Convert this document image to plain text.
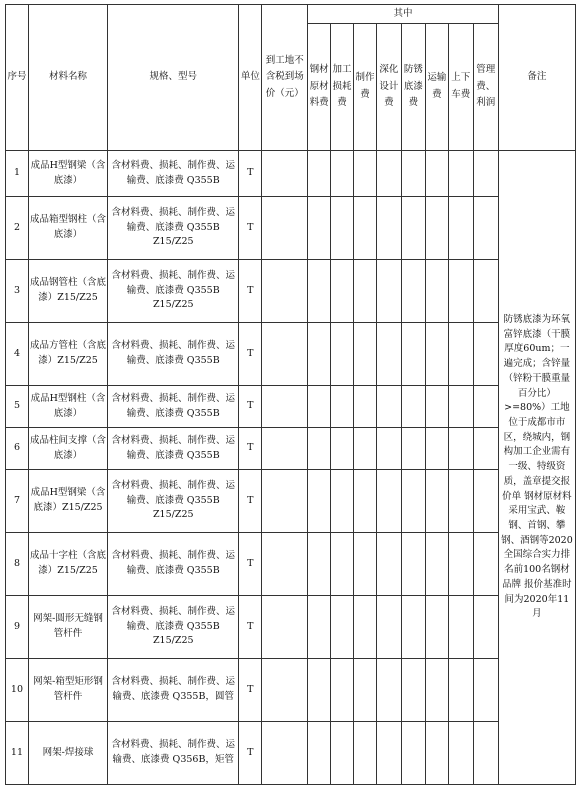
序号	材料名称	规格、型号	单位	到工地不含税到场价（元）	其中								备注

					钢材原材料费	加工损耗费	制作费	深化设计费	防锈底漆费	运输费	上下车费	管理费、利润	

1	成品H型钢梁（含底漆）	含材料费、损耗、制作费、运输费、底漆费 Q355B	T										防锈底漆为环氧富锌底漆（干膜厚度60um；一遍完成；含锌量（锌粉干膜重量百分比）>=80%）工地位于成都市市区，绕城内，钢构加工企业需有一级、特级资质，盖章提交报价单 钢材原材料采用宝武、鞍钢、首钢、攀钢、酒钢等2020全国综合实力排名前100名钢材品牌 报价基准时间为2020年11月
2	成品箱型钢柱（含底漆）	含材料费、损耗、制作费、运输费、底漆费 Q355B Z15/Z25	T										
3	成品钢管柱（含底漆）Z15/Z25	含材料费、损耗、制作费、运输费、底漆费 Q355B Z15/Z25	T										
4	成品方管柱（含底漆）Z15/Z25	含材料费、损耗、制作费、运输费、底漆费 Q355B	T										
5	成品H型钢柱（含底漆）	含材料费、损耗、制作费、运输费、底漆费 Q355B	T										
6	成品柱间支撑（含底漆）	含材料费、损耗、制作费、运输费、底漆费 Q355B	T										
7	成品H型钢梁（含底漆）Z15/Z25	含材料费、损耗、制作费、运输费、底漆费 Q355B Z15/Z25	T										
8	成品十字柱（含底漆）Z15/Z25	含材料费、损耗、制作费、运输费、底漆费 Q355B	T										
9	网架-圆形无缝钢管杆件	含材料费、损耗、制作费、运输费、底漆费 Q355B Z15/Z25	T										
10	网架-箱型矩形钢管杆件	含材料费、损耗、制作费、运输费、底漆费 Q355B，圆管	T										
11	网架-焊接球	含材料费、损耗、制作费、运输费、底漆费 Q356B，矩管	T										
